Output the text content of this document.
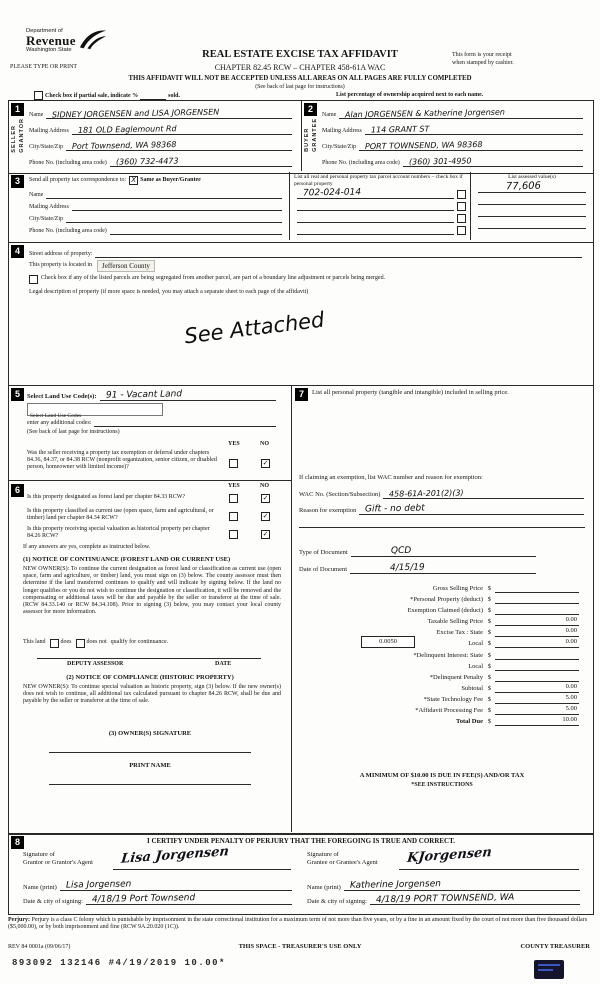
Department of
Revenue
Washington State	REAL ESTATE EXCISE TAX AFFIDAVIT
CHAPTER 82.45 RCW – CHAPTER 458-61A WAC
This form is your receipt
when stamped by cashier.
PLEASE TYPE OR PRINT
THIS AFFIDAVIT WILL NOT BE ACCEPTED UNLESS ALL AREAS ON ALL PAGES ARE FULLY COMPLETED
(See back of last page for instructions)
Check box if partial sale, indicate %	sold.	List percentage of ownership acquired next to each name.
1
SELLER GRANTOR
Name SIDNEY JORGENSEN and LISA JORGENSEN
Mailing Address 181 OLD Eaglemount Rd
City/State/Zip Port Townsend, WA 98368
Phone No. (including area code) (360) 732-4473
2
BUYER GRANTEE
Name Alan JORGENSEN & Katherine Jorgensen
Mailing Address 114 GRANT ST
City/State/Zip PORT TOWNSEND, WA 98368
Phone No. (including area code) (360) 301-4950
3	Send all property tax correspondence to: X Same as Buyer/Grantee
Name
Mailing Address
City/State/Zip
Phone No. (including area code)
List all real and personal property tax parcel account numbers – check box if personal property
702-024-014
List assessed value(s)
77,606
4	Street address of property:
This property is located in	Jefferson County
Check box if any of the listed parcels are being segregated from another parcel, are part of a boundary line adjustment or parcels being merged.
Legal description of property (if more space is needed, you may attach a separate sheet to each page of the affidavit)
See Attached
5	Select Land Use Code(s): 91 - Vacant Land
Select Land Use Codes
enter any additional codes:
(See back of last page for instructions)
YES	NO
Was the seller receiving a property tax exemption or deferral under chapters 84.36, 84.37, or 84.38 RCW (nonprofit organization, senior citizen, or disabled person, homeowner with limited income)?
✓
6	YES	NO
Is this property designated as forest land per chapter 84.33 RCW?	✓
Is this property classified as current use (open space, farm and agricultural, or timber) land per chapter 84.34 RCW?	✓
Is this property receiving special valuation as historical property per chapter 84.26 RCW?	✓
If any answers are yes, complete as instructed below.
(1) NOTICE OF CONTINUANCE (FOREST LAND OR CURRENT USE)
NEW OWNER(S): To continue the current designation as forest land or classification as current use (open space, farm and agriculture, or timber) land, you must sign on (3) below. The county assessor must then determine if the land transferred continues to qualify and will indicate by signing below. If the land no longer qualifies or you do not wish to continue the designation or classification, it will be removed and the compensating or additional taxes will be due and payable by the seller or transferor at the time of sale. (RCW 84.33.140 or RCW 84.34.108). Prior to signing (3) below, you may contact your local county assessor for more information.
This land	does	does not qualify for continuance.
DEPUTY ASSESSOR	DATE
(2) NOTICE OF COMPLIANCE (HISTORIC PROPERTY)
NEW OWNER(S): To continue special valuation as historic property, sign (3) below. If the new owner(s) does not wish to continue, all additional tax calculated pursuant to chapter 84.26 RCW, shall be due and payable by the seller or transferor at the time of sale.
(3) OWNER(S) SIGNATURE
PRINT NAME
7	List all personal property (tangible and intangible) included in selling price.
If claiming an exemption, list WAC number and reason for exemption:
WAC No. (Section/Subsection) 458-61A-201(2)(3)
Reason for exemption Gift - no debt
Type of Document	QCD
Date of Document	4/15/19
Gross Selling Price $
*Personal Property (deduct) $
Exemption Claimed (deduct) $
Taxable Selling Price $	0.00
Excise Tax : State $	0.00
0.0050	Local $	0.00
*Delinquent Interest: State $
Local $
*Delinquent Penalty $
Subtotal $	0.00
*State Technology Fee $	5.00
*Affidavit Processing Fee $	5.00
Total Due $	10.00
A MINIMUM OF $10.00 IS DUE IN FEE(S) AND/OR TAX
*SEE INSTRUCTIONS
8	I CERTIFY UNDER PENALTY OF PERJURY THAT THE FOREGOING IS TRUE AND CORRECT.
Signature of
Grantor or Grantor's Agent	Lisa Jorgensen
Name (print) Lisa Jorgensen
Date & city of signing: 4/18/19 Port Townsend
Signature of
Grantee or Grantee's Agent	KJorgensen
Name (print) Katherine Jorgensen
Date & city of signing: 4/18/19 PORT TOWNSEND, WA
Perjury: Perjury is a class C felony which is punishable by imprisonment in the state correctional institution for a maximum term of not more than five years, or by a fine in an amount fixed by the court of not more than five thousand dollars ($5,000.00), or by both imprisonment and fine (RCW 9A.20.020 (1C)).
REV 84 0001a (09/06/17)	THIS SPACE - TREASURER'S USE ONLY	COUNTY TREASURER
893092 132146 #4/19/2019 10.00*
